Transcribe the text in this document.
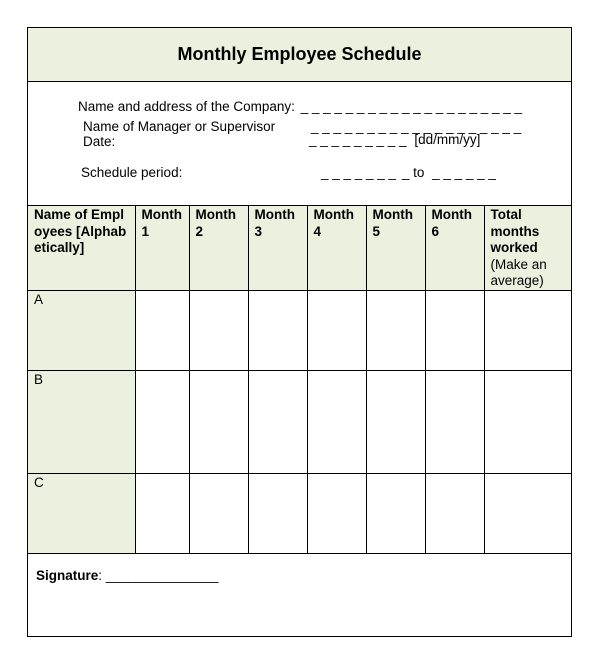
Monthly Employee Schedule
Name and address of the Company: _ _ _ _ _ _ _ _ _ _ _ _ _ _ _ _ _ _ _ _
Name of Manager or Supervisor	_ _ _ _ _ _ _ _ _ _ _ _ _ _ _ _ _ _ _
Date:	_ _ _ _ _ _ _ _ _ [dd/mm/yy]
Schedule period:	_ _ _ _ _ _ _ _ to _ _ _ _ _ _
Name of Employees [Alphabetically]	Month 1	Month 2	Month 3	Month 4	Month 5	Month 6	Total months worked
(Make an average)
A							
B							
C							
Signature: _______________
